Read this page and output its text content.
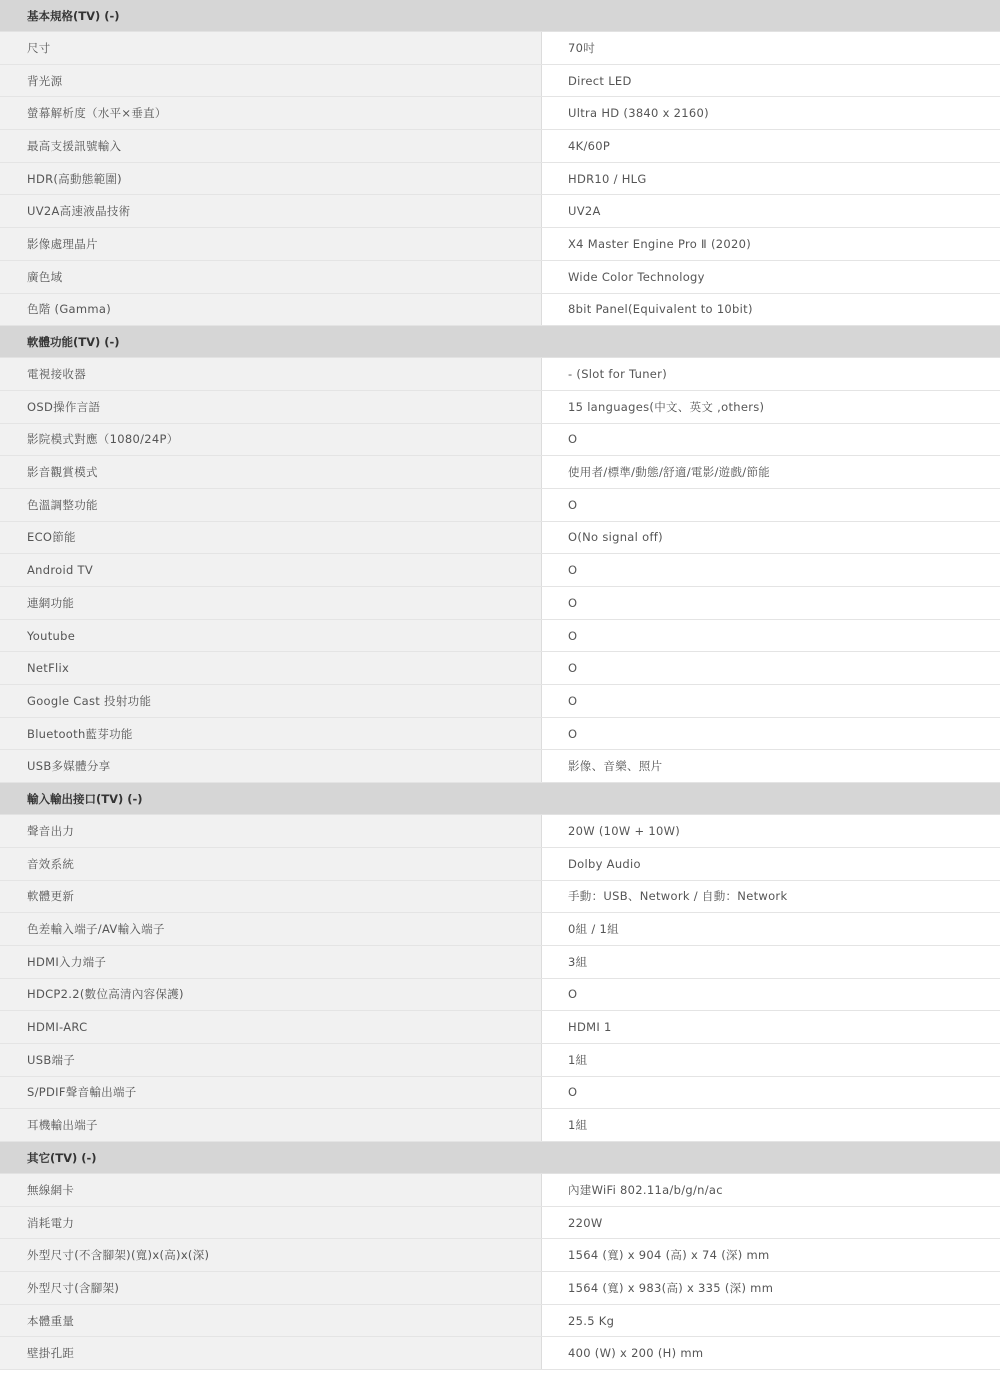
基本規格(TV) (-)
尺寸	70吋
背光源	Direct LED
螢幕解析度（水平×垂直）	Ultra HD (3840 x 2160)
最高支援訊號輸入	4K/60P
HDR(高動態範圍)	HDR10 / HLG
UV2A高速液晶技術	UV2A
影像處理晶片	X4 Master Engine Pro Ⅱ (2020)
廣色域	Wide Color Technology
色階 (Gamma)	8bit Panel(Equivalent to 10bit)
軟體功能(TV) (-)
電視接收器	- (Slot for Tuner)
OSD操作言語	15 languages(中文、英文 ,others)
影院模式對應（1080/24P）	O
影音觀賞模式	使用者/標準/動態/舒適/電影/遊戲/節能
色溫調整功能	O
ECO節能	O(No signal off)
Android TV	O
連網功能	O
Youtube	O
NetFlix	O
Google Cast 投射功能	O
Bluetooth藍芽功能	O
USB多媒體分享	影像、音樂、照片
輸入輸出接口(TV) (-)
聲音出力	20W (10W + 10W)
音效系統	Dolby Audio
軟體更新	手動：USB、Network / 自動：Network
色差輸入端子/AV輸入端子	0組 / 1組
HDMI入力端子	3組
HDCP2.2(數位高清內容保護)	O
HDMI-ARC	HDMI 1
USB端子	1組
S/PDIF聲音輸出端子	O
耳機輸出端子	1組
其它(TV) (-)
無線網卡	內建WiFi 802.11a/b/g/n/ac
消耗電力	220W
外型尺寸(不含腳架)(寬)x(高)x(深)	1564 (寬) x 904 (高) x 74 (深) mm
外型尺寸(含腳架)	1564 (寬) x 983(高) x 335 (深) mm
本體重量	25.5 Kg
壁掛孔距	400 (W) x 200 (H) mm
